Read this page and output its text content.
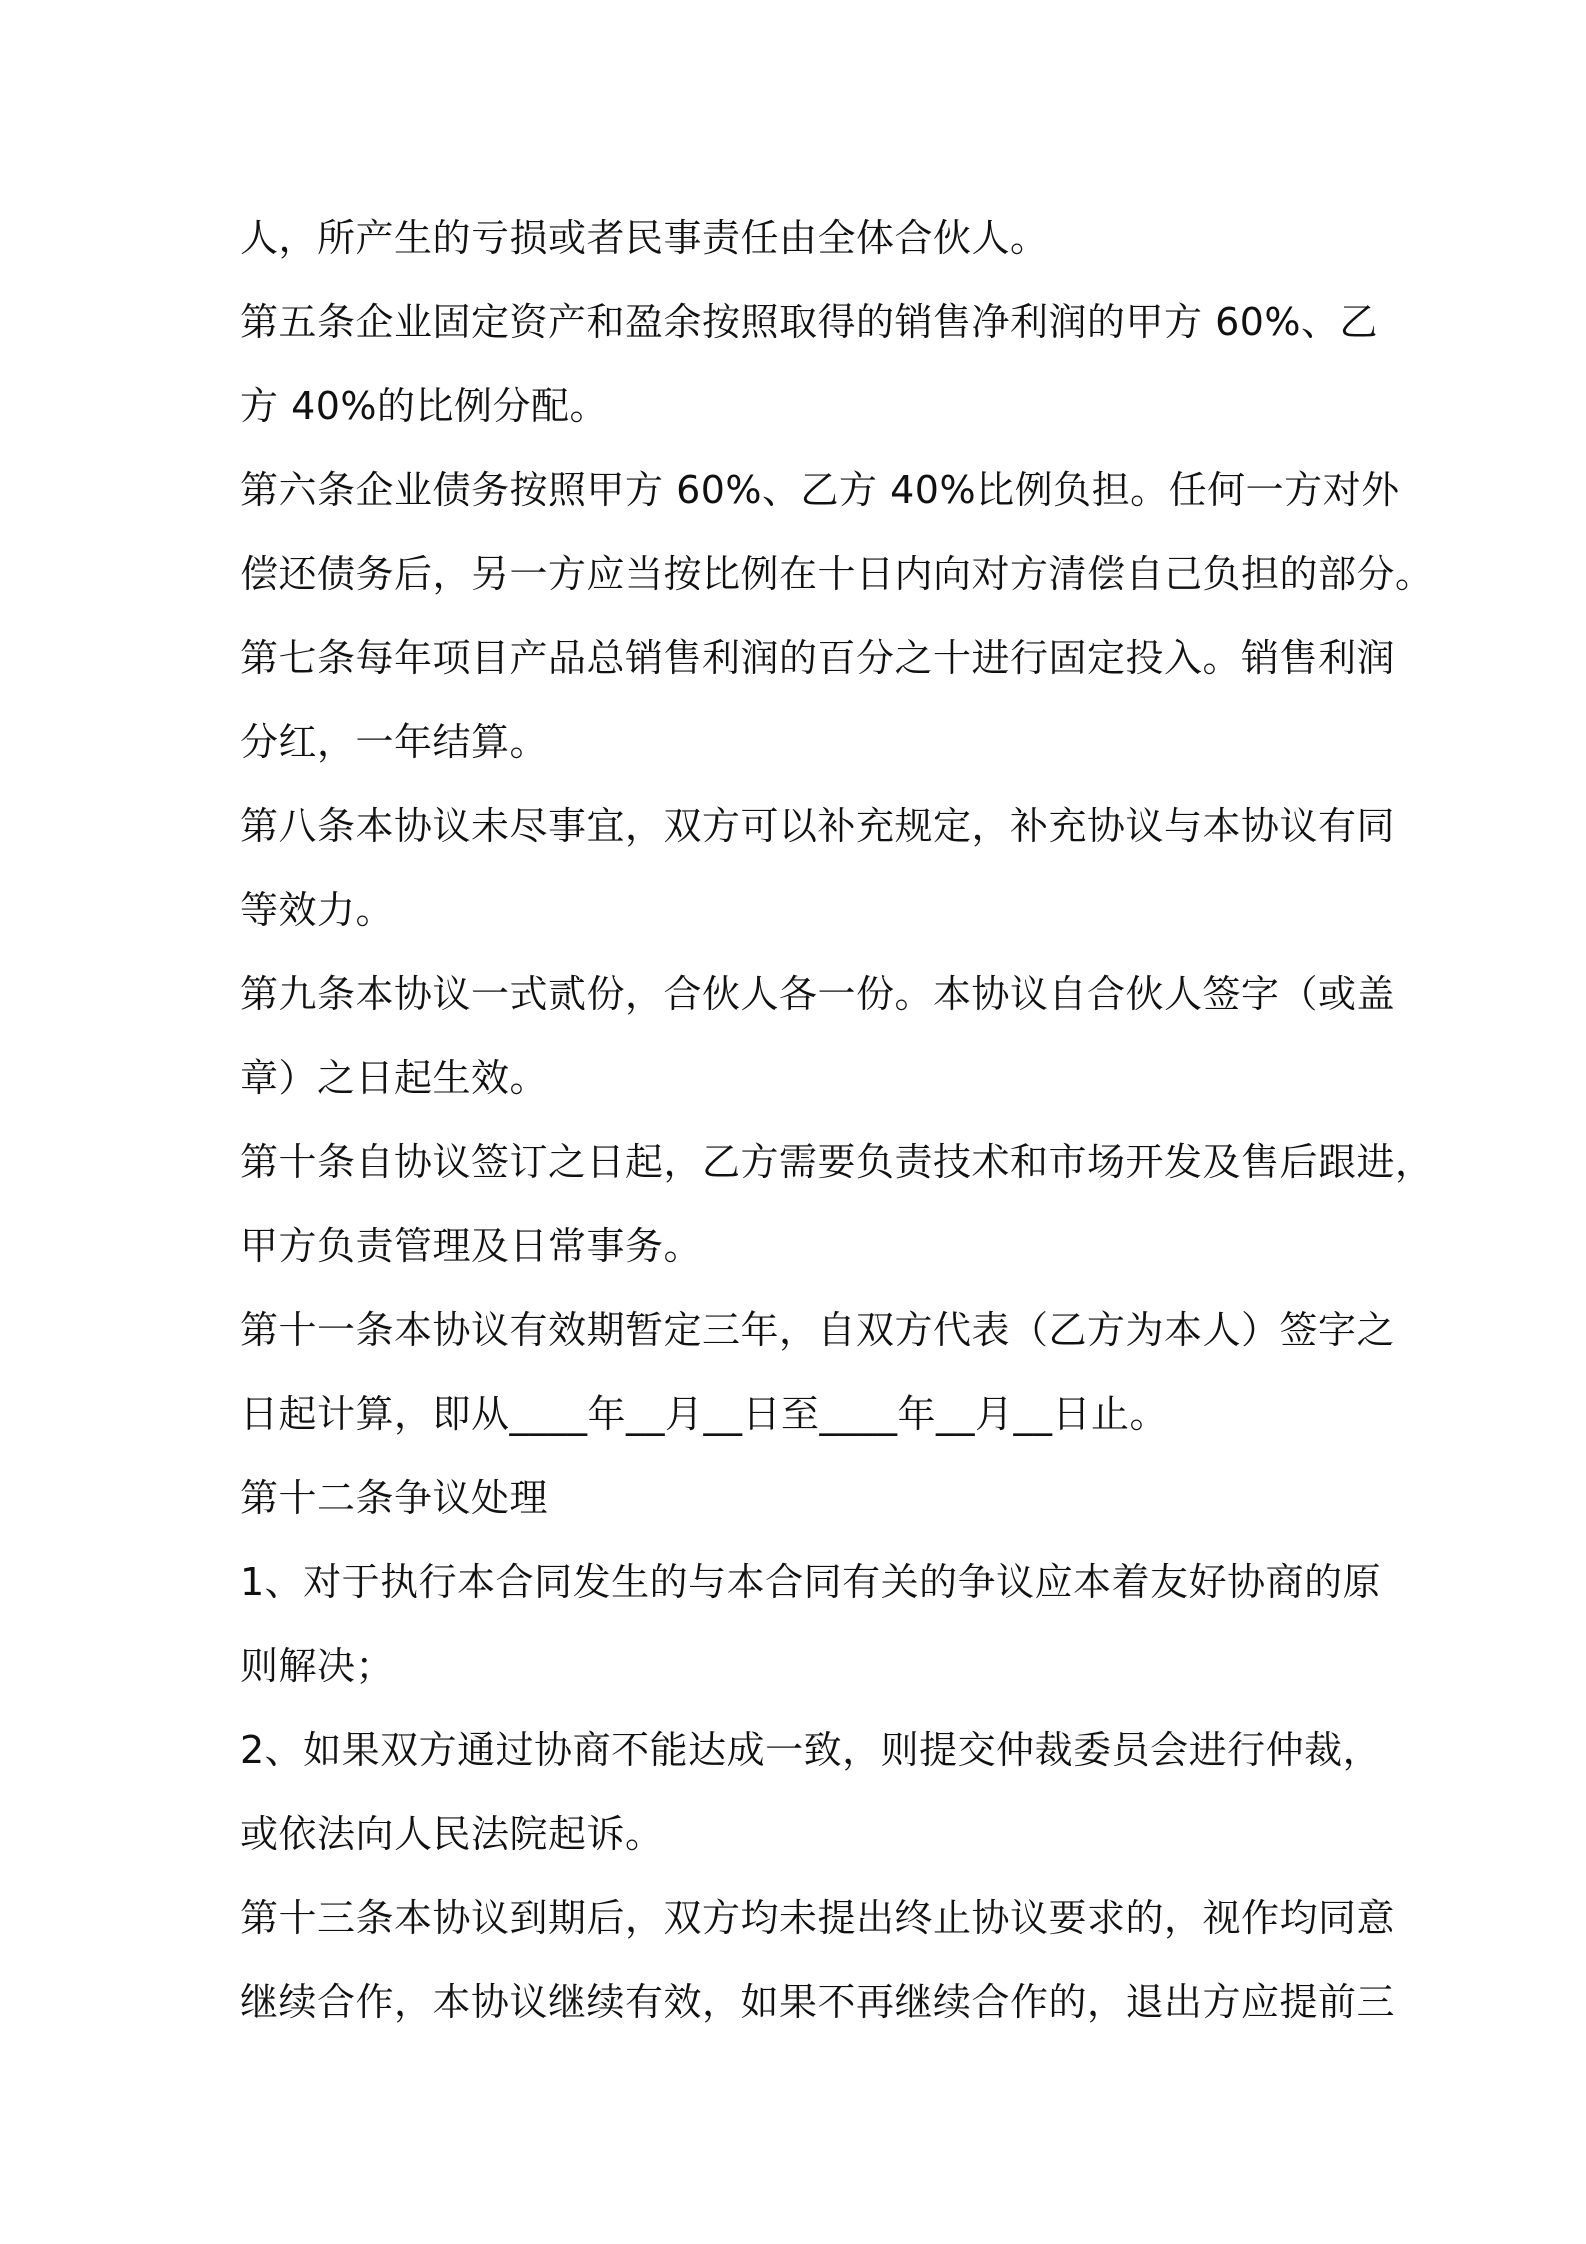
人，所产生的亏损或者民事责任由全体合伙人。
第五条企业固定资产和盈余按照取得的销售净利润的甲方 60%、乙
方 40%的比例分配。
第六条企业债务按照甲方 60%、乙方 40%比例负担。任何一方对外
偿还债务后，另一方应当按比例在十日内向对方清偿自己负担的部分。
第七条每年项目产品总销售利润的百分之十进行固定投入。销售利润
分红，一年结算。
第八条本协议未尽事宜，双方可以补充规定，补充协议与本协议有同
等效力。
第九条本协议一式贰份，合伙人各一份。本协议自合伙人签字（或盖
章）之日起生效。
第十条自协议签订之日起，乙方需要负责技术和市场开发及售后跟进，
甲方负责管理及日常事务。
第十一条本协议有效期暂定三年，自双方代表（乙方为本人）签字之
日起计算，即从____年__月__日至____年__月__日止。
第十二条争议处理
1、对于执行本合同发生的与本合同有关的争议应本着友好协商的原
则解决；
2、如果双方通过协商不能达成一致，则提交仲裁委员会进行仲裁，
或依法向人民法院起诉。
第十三条本协议到期后，双方均未提出终止协议要求的，视作均同意
继续合作，本协议继续有效，如果不再继续合作的，退出方应提前三
